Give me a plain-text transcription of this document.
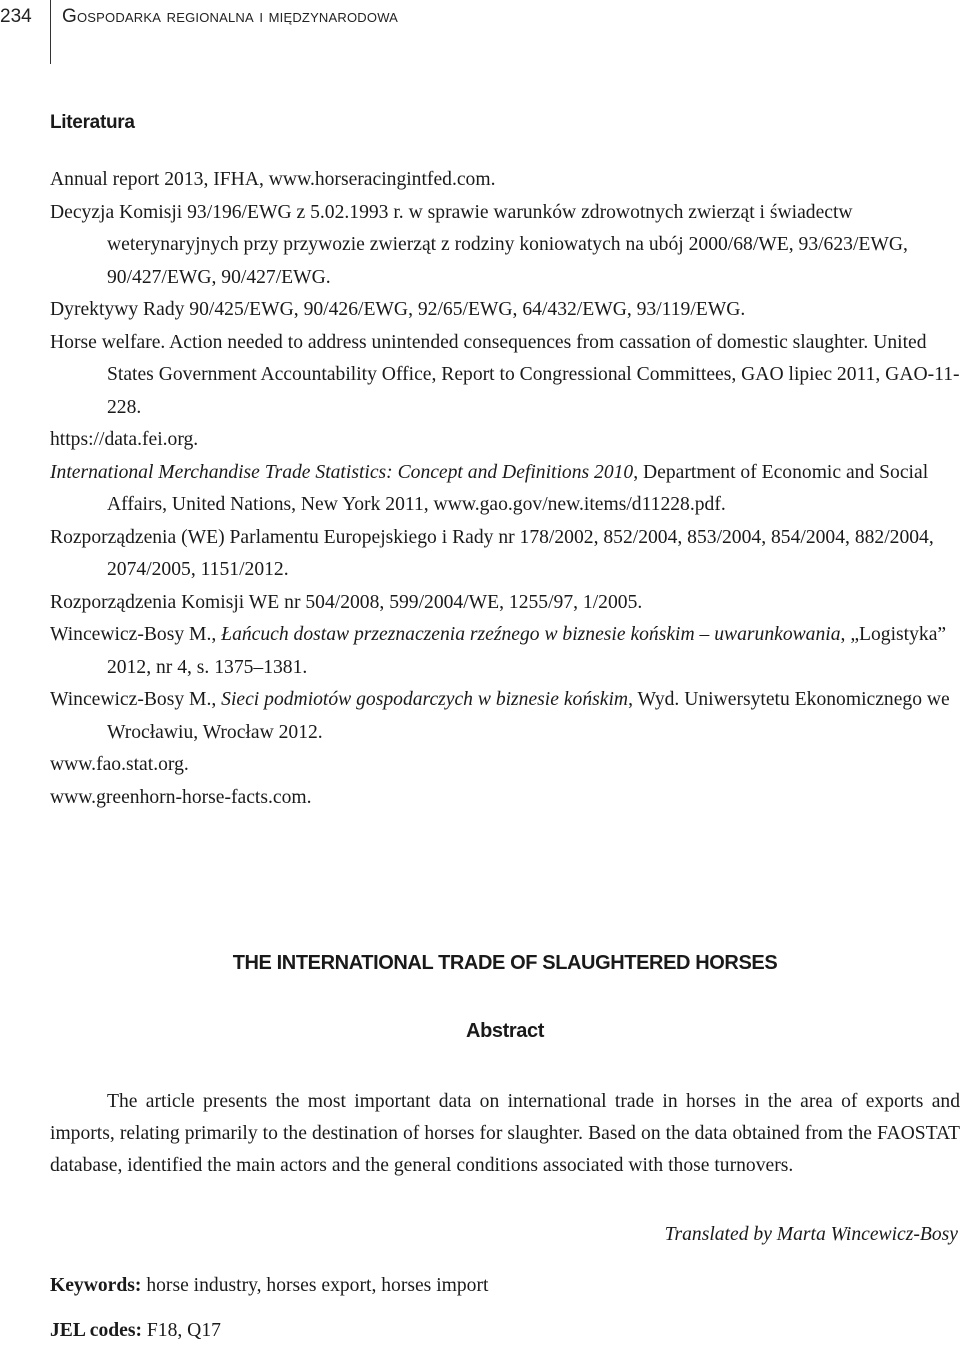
234 Gospodarka regionalna i międzynarodowa
Literatura

Annual report 2013, IFHA, www.horseracingintfed.com.

Decyzja Komisji 93/196/EWG z 5.02.1993 r. w sprawie warunków zdrowotnych zwierząt i świadectw weterynaryjnych przy przywozie zwierząt z rodziny koniowatych na ubój 2000/68/WE, 93/623/EWG, 90/427/EWG, 90/427/EWG.

Dyrektywy Rady 90/425/EWG, 90/426/EWG, 92/65/EWG, 64/432/EWG, 93/119/EWG.

Horse welfare. Action needed to address unintended consequences from cassation of domestic slaughter. United States Government Accountability Office, Report to Congressional Committees, GAO lipiec 2011, GAO-11-228.

https://data.fei.org.

International Merchandise Trade Statistics: Concept and Definitions 2010, Department of Economic and Social Affairs, United Nations, New York 2011, www.gao.gov/new.items/d11228.pdf.

Rozporządzenia (WE) Parlamentu Europejskiego i Rady nr 178/2002, 852/2004, 853/2004, 854/2004, 882/2004, 2074/2005, 1151/2012.

Rozporządzenia Komisji WE nr 504/2008, 599/2004/WE, 1255/97, 1/2005.

Wincewicz-Bosy M., Łańcuch dostaw przeznaczenia rzeźnego w biznesie końskim – uwarunkowania, „Logistyka” 2012, nr 4, s. 1375–1381.

Wincewicz-Bosy M., Sieci podmiotów gospodarczych w biznesie końskim, Wyd. Uniwersytetu Ekonomicznego we Wrocławiu, Wrocław 2012.

www.fao.stat.org.

www.greenhorn-horse-facts.com.

THE INTERNATIONAL TRADE OF SLAUGHTERED HORSES
Abstract

The article presents the most important data on international trade in horses in the area of exports and imports, relating primarily to the destination of horses for slaughter. Based on the data obtained from the FAOSTAT database, identified the main actors and the general conditions associated with those turnovers.

Translated by Marta Wincewicz-Bosy
Keywords: horse industry, horses export, horses import
JEL codes: F18, Q17
